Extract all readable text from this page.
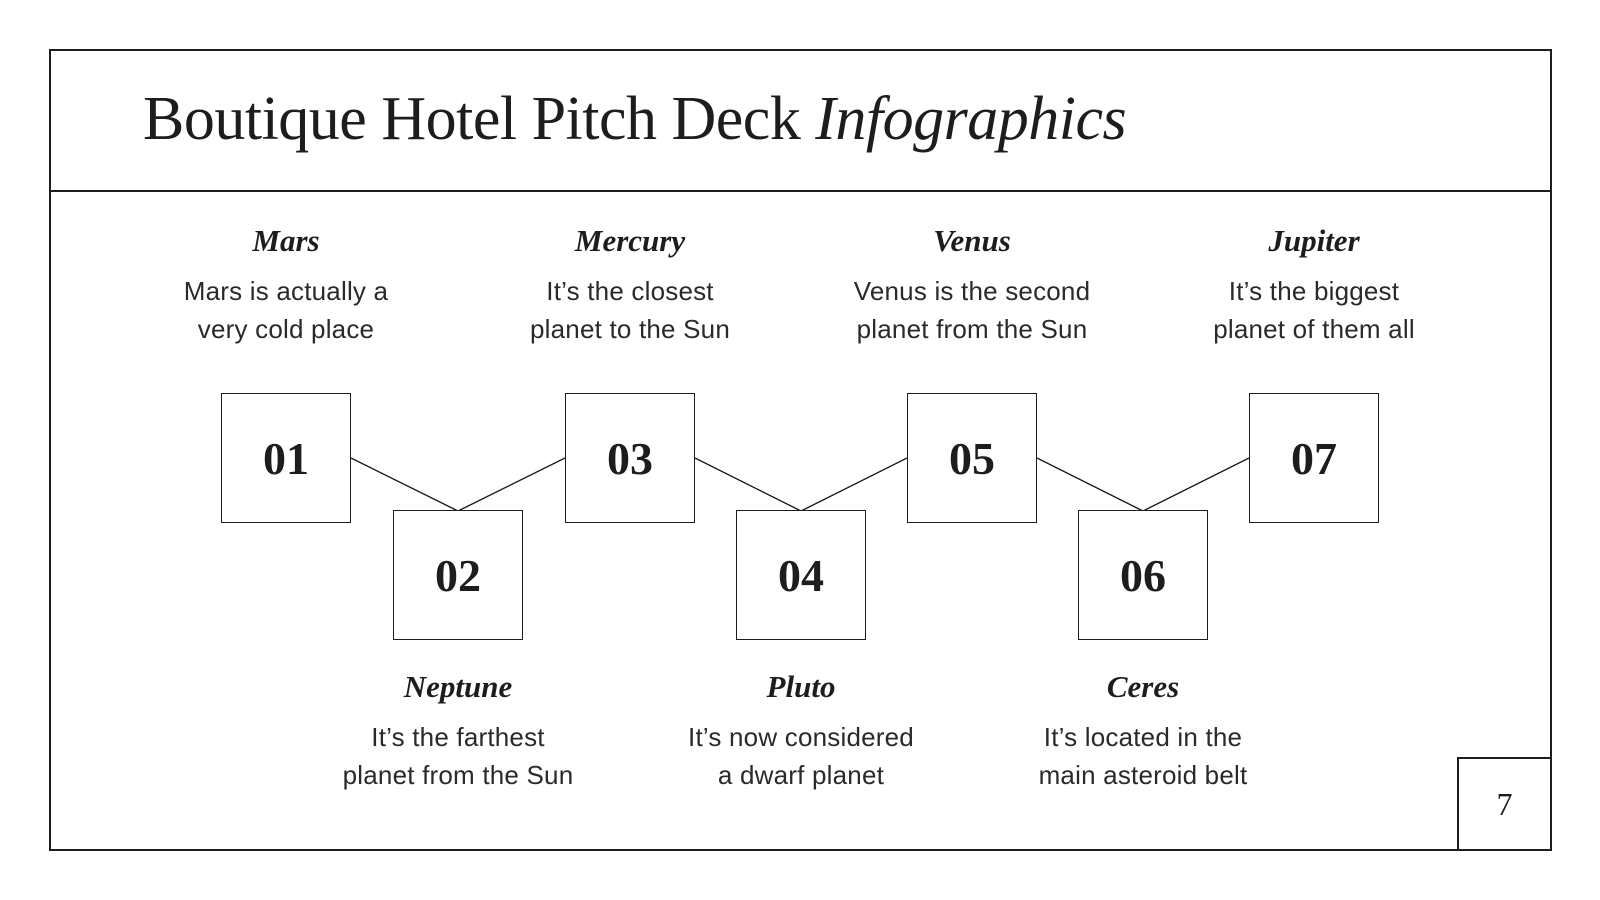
Boutique Hotel Pitch Deck Infographics
Mars
Mars is actually a
very cold place
Mercury
It’s the closest
planet to the Sun
Venus
Venus is the second
planet from the Sun
Jupiter
It’s the biggest
planet of them all
01	03	05	07
02	04	06
Neptune
It’s the farthest
planet from the Sun
Pluto
It’s now considered
a dwarf planet
Ceres
It’s located in the
main asteroid belt
7
